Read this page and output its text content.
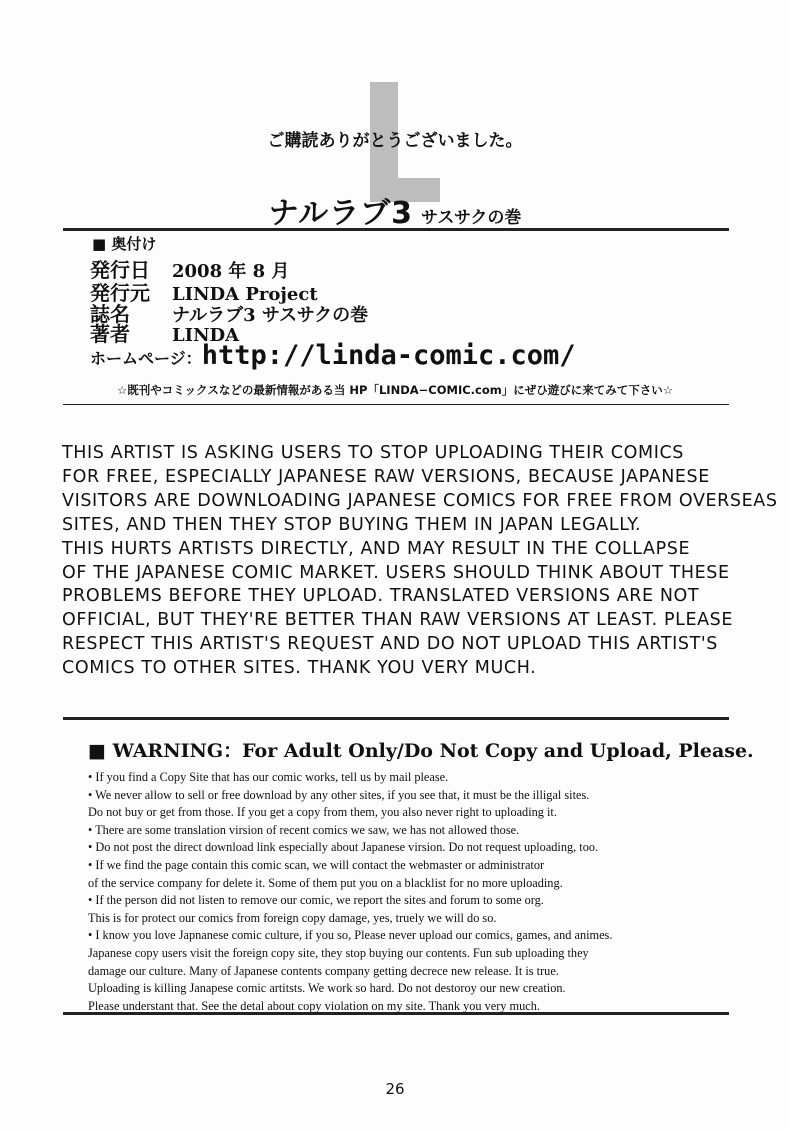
ご購読ありがとうございました。
ナルラブ3 サスサクの巻
■ 奥付け
発行日 2008 年 8 月
発行元 LINDA Project
誌名 ナルラブ3 サスサクの巻
著者 LINDA
ホームページ：http://linda-comic.com/
☆既刊やコミックスなどの最新情報がある当 HP「LINDA−COMIC.com」にぜひ遊びに来てみて下さい☆
THIS ARTIST IS ASKING USERS TO STOP UPLOADING THEIR COMICS
FOR FREE, ESPECIALLY JAPANESE RAW VERSIONS, BECAUSE JAPANESE
VISITORS ARE DOWNLOADING JAPANESE COMICS FOR FREE FROM OVERSEAS
SITES, AND THEN THEY STOP BUYING THEM IN JAPAN LEGALLY.
THIS HURTS ARTISTS DIRECTLY, AND MAY RESULT IN THE COLLAPSE
OF THE JAPANESE COMIC MARKET. USERS SHOULD THINK ABOUT THESE
PROBLEMS BEFORE THEY UPLOAD. TRANSLATED VERSIONS ARE NOT
OFFICIAL, BUT THEY'RE BETTER THAN RAW VERSIONS AT LEAST. PLEASE
RESPECT THIS ARTIST'S REQUEST AND DO NOT UPLOAD THIS ARTIST'S
COMICS TO OTHER SITES. THANK YOU VERY MUCH.
■ WARNING：For Adult Only/Do Not Copy and Upload, Please.
• If you find a Copy Site that has our comic works, tell us by mail please.
• We never allow to sell or free download by any other sites, if you see that, it must be the illigal sites.
Do not buy or get from those. If you get a copy from them, you also never right to uploading it.
• There are some translation virsion of recent comics we saw, we has not allowed those.
• Do not post the direct download link especially about Japanese virsion. Do not request uploading, too.
• If we find the page contain this comic scan, we will contact the webmaster or administrator
of the service company for delete it. Some of them put you on a blacklist for no more uploading.
• If the person did not listen to remove our comic, we report the sites and forum to some org.
This is for protect our comics from foreign copy damage, yes, truely we will do so.
• I know you love Japnanese comic culture, if you so, Please never upload our comics, games, and animes.
Japanese copy users visit the foreign copy site, they stop buying our contents. Fun sub uploading they
damage our culture. Many of Japanese contents company getting decrece new release. It is true.
Uploading is killing Janapese comic artitsts. We work so hard. Do not destoroy our new creation.
Please understant that. See the detal about copy violation on my site. Thank you very much.
26
